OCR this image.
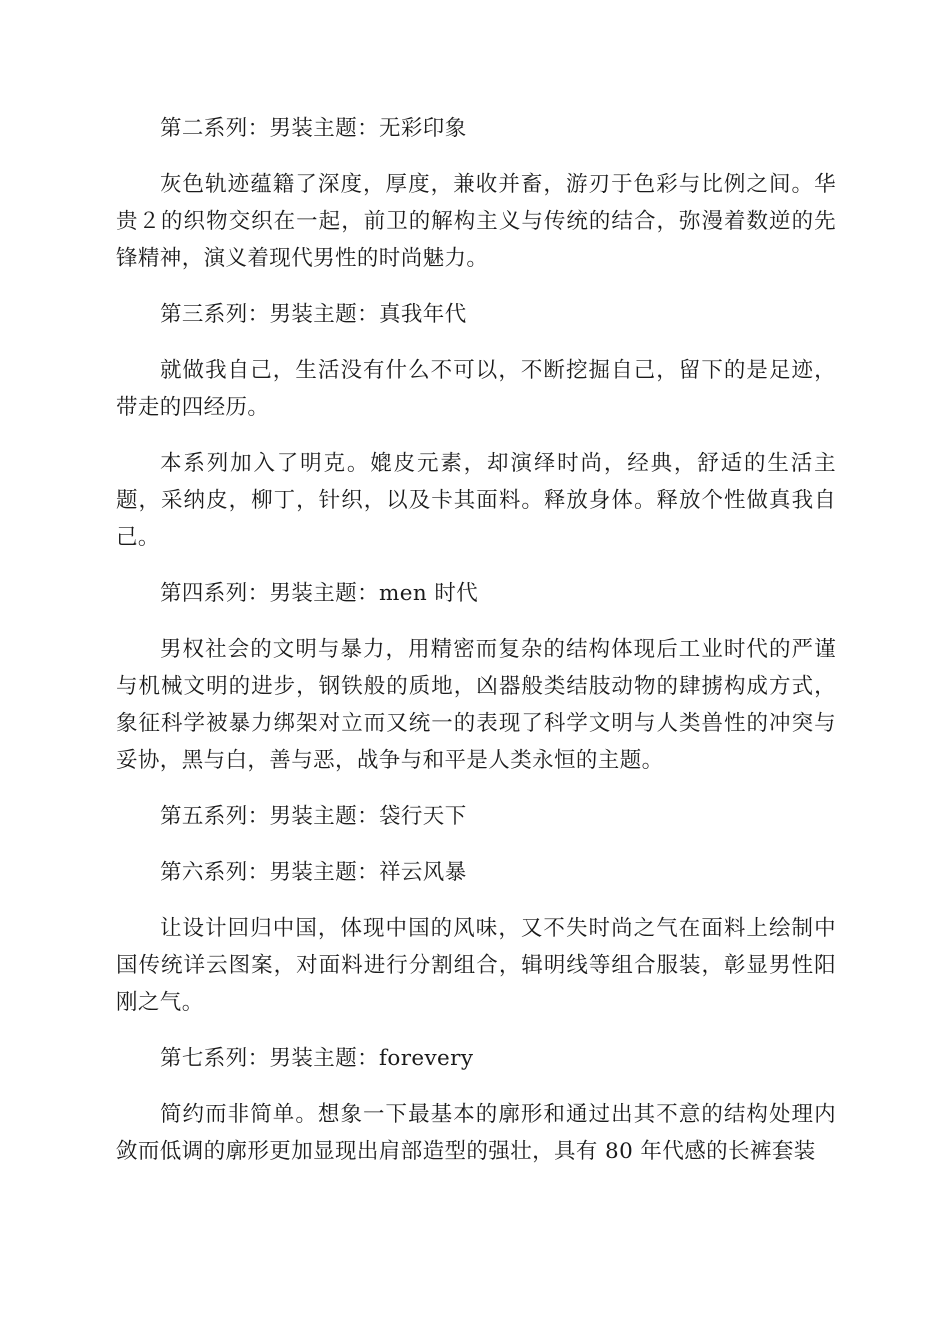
第二系列：男装主题：无彩印象

灰色轨迹蕴籍了深度，厚度，兼收并畜，游刃于色彩与比例之间。华贵２的织物交织在一起，前卫的解构主义与传统的结合，弥漫着数逆的先锋精神，演义着现代男性的时尚魅力。

第三系列：男装主题：真我年代

就做我自己，生活没有什么不可以，不断挖掘自己，留下的是足迹，带走的四经历。

本系列加入了明克。媲皮元素，却演绎时尚，经典，舒适的生活主题，采纳皮，柳丁，针织，以及卡其面料。释放身体。释放个性做真我自己。

第四系列：男装主题：men 时代

男权社会的文明与暴力，用精密而复杂的结构体现后工业时代的严谨与机械文明的进步，钢铁般的质地，凶器般类结肢动物的肆掳构成方式，象征科学被暴力绑架对立而又统一的表现了科学文明与人类兽性的冲突与妥协，黑与白，善与恶，战争与和平是人类永恒的主题。

第五系列：男装主题：袋行天下

第六系列：男装主题：祥云风暴

让设计回归中国，体现中国的风味，又不失时尚之气在面料上绘制中国传统详云图案，对面料进行分割组合，辑明线等组合服装，彰显男性阳刚之气。

第七系列：男装主题：forevery

简约而非简单。想象一下最基本的廓形和通过出其不意的结构处理内敛而低调的廓形更加显现出肩部造型的强壮，具有 80 年代感的长裤套装
